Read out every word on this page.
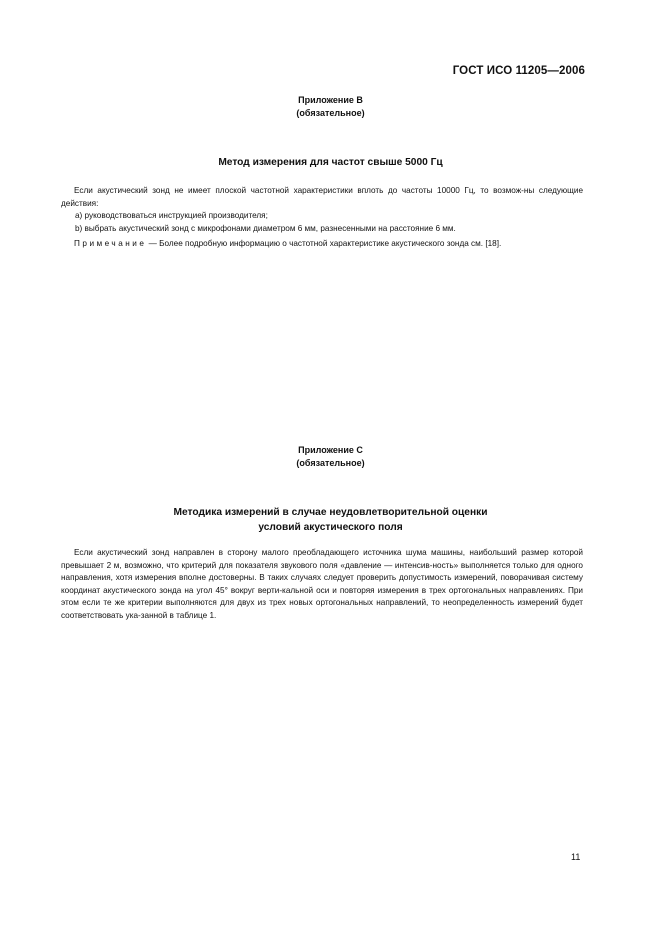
ГОСТ ИСО 11205—2006
Приложение В
(обязательное)
Метод измерения для частот свыше 5000 Гц

Если акустический зонд не имеет плоской частотной характеристики вплоть до частоты 10000 Гц, то возмож-ны следующие действия:

а) руководствоваться инструкцией производителя;

b) выбрать акустический зонд с микрофонами диаметром 6 мм, разнесенными на расстояние 6 мм.

Примечание — Более подробную информацию о частотной характеристике акустического зонда см. [18].

Приложение С
(обязательное)
Методика измерений в случае неудовлетворительной оценки
условий акустического поля

Если акустический зонд направлен в сторону малого преобладающего источника шума машины, наибольший размер которой превышает 2 м, возможно, что критерий для показателя звукового поля «давление — интенсив-ность» выполняется только для одного направления, хотя измерения вполне достоверны. В таких случаях следует проверить допустимость измерений, поворачивая систему координат акустического зонда на угол 45° вокруг верти-кальной оси и повторяя измерения в трех ортогональных направлениях. При этом если те же критерии выполняются для двух из трех новых ортогональных направлений, то неопределенность измерений будет соответствовать ука-занной в таблице 1.

11
